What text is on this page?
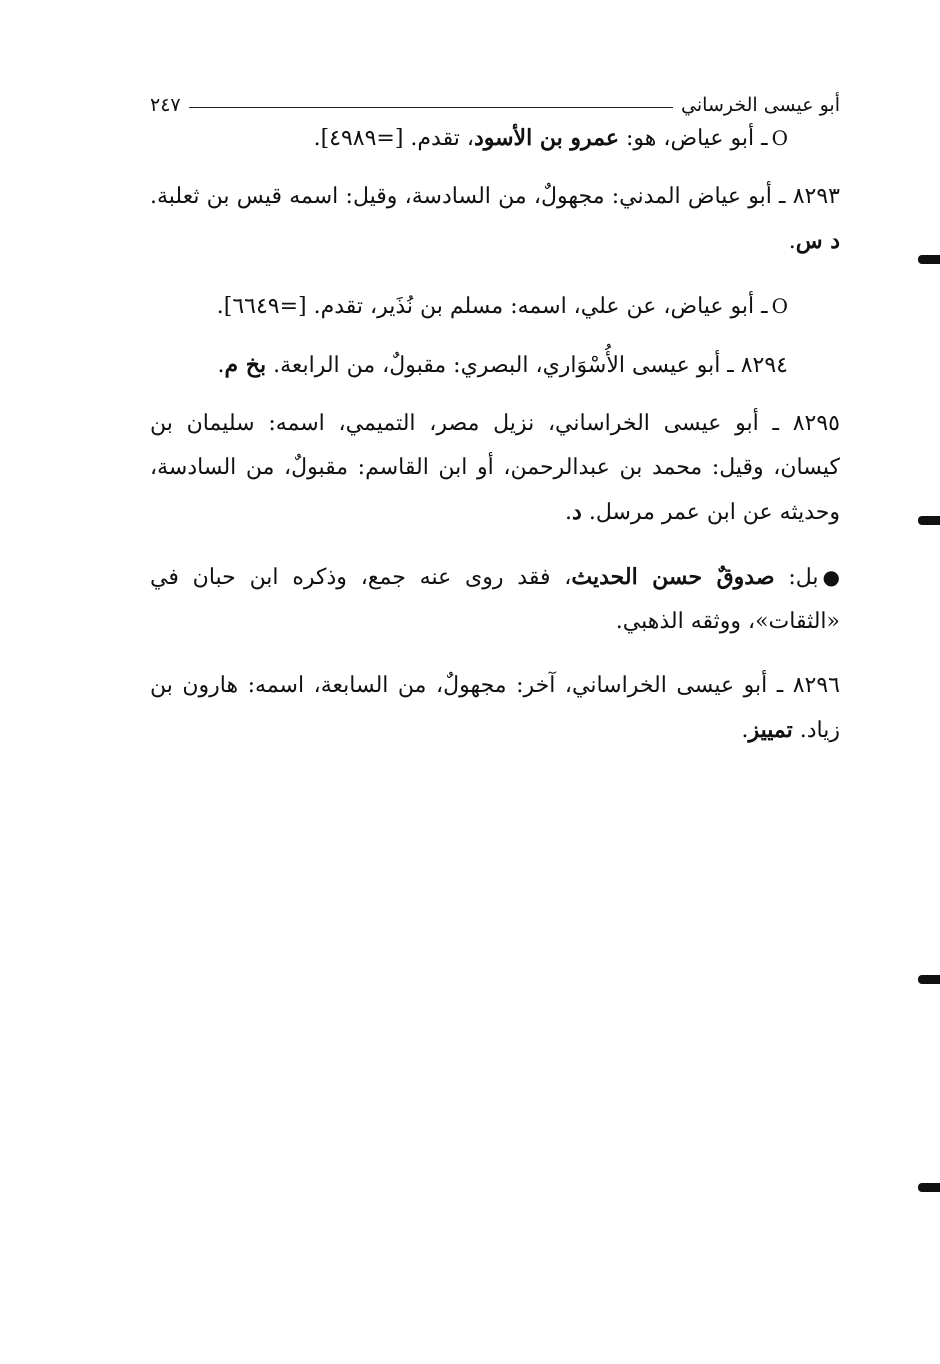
أبو عيسى الخرساني
٢٤٧

Oـ أبو عياض، هو: عمرو بن الأسود، تقدم. [=٤٩٨٩].

٨٢٩٣ ـ أبو عياض المدني: مجهولٌ، من السادسة، وقيل: اسمه قيس بن ثعلبة. د س.

Oـ أبو عياض، عن علي، اسمه: مسلم بن نُذَير، تقدم. [=٦٦٤٩].

٨٢٩٤ ـ أبو عيسى الأُسْوَاري، البصري: مقبولٌ، من الرابعة. بخ م.

٨٢٩٥ ـ أبو عيسى الخراساني، نزيل مصر، التميمي، اسمه: سليمان بن كيسان، وقيل: محمد بن عبدالرحمن، أو ابن القاسم: مقبولٌ، من السادسة، وحديثه عن ابن عمر مرسل. د.

●بل: صدوقٌ حسن الحديث، فقد روى عنه جمع، وذكره ابن حبان في «الثقات»، ووثقه الذهبي.

٨٢٩٦ ـ أبو عيسى الخراساني، آخر: مجهولٌ، من السابعة، اسمه: هارون بن زياد. تمييز.
